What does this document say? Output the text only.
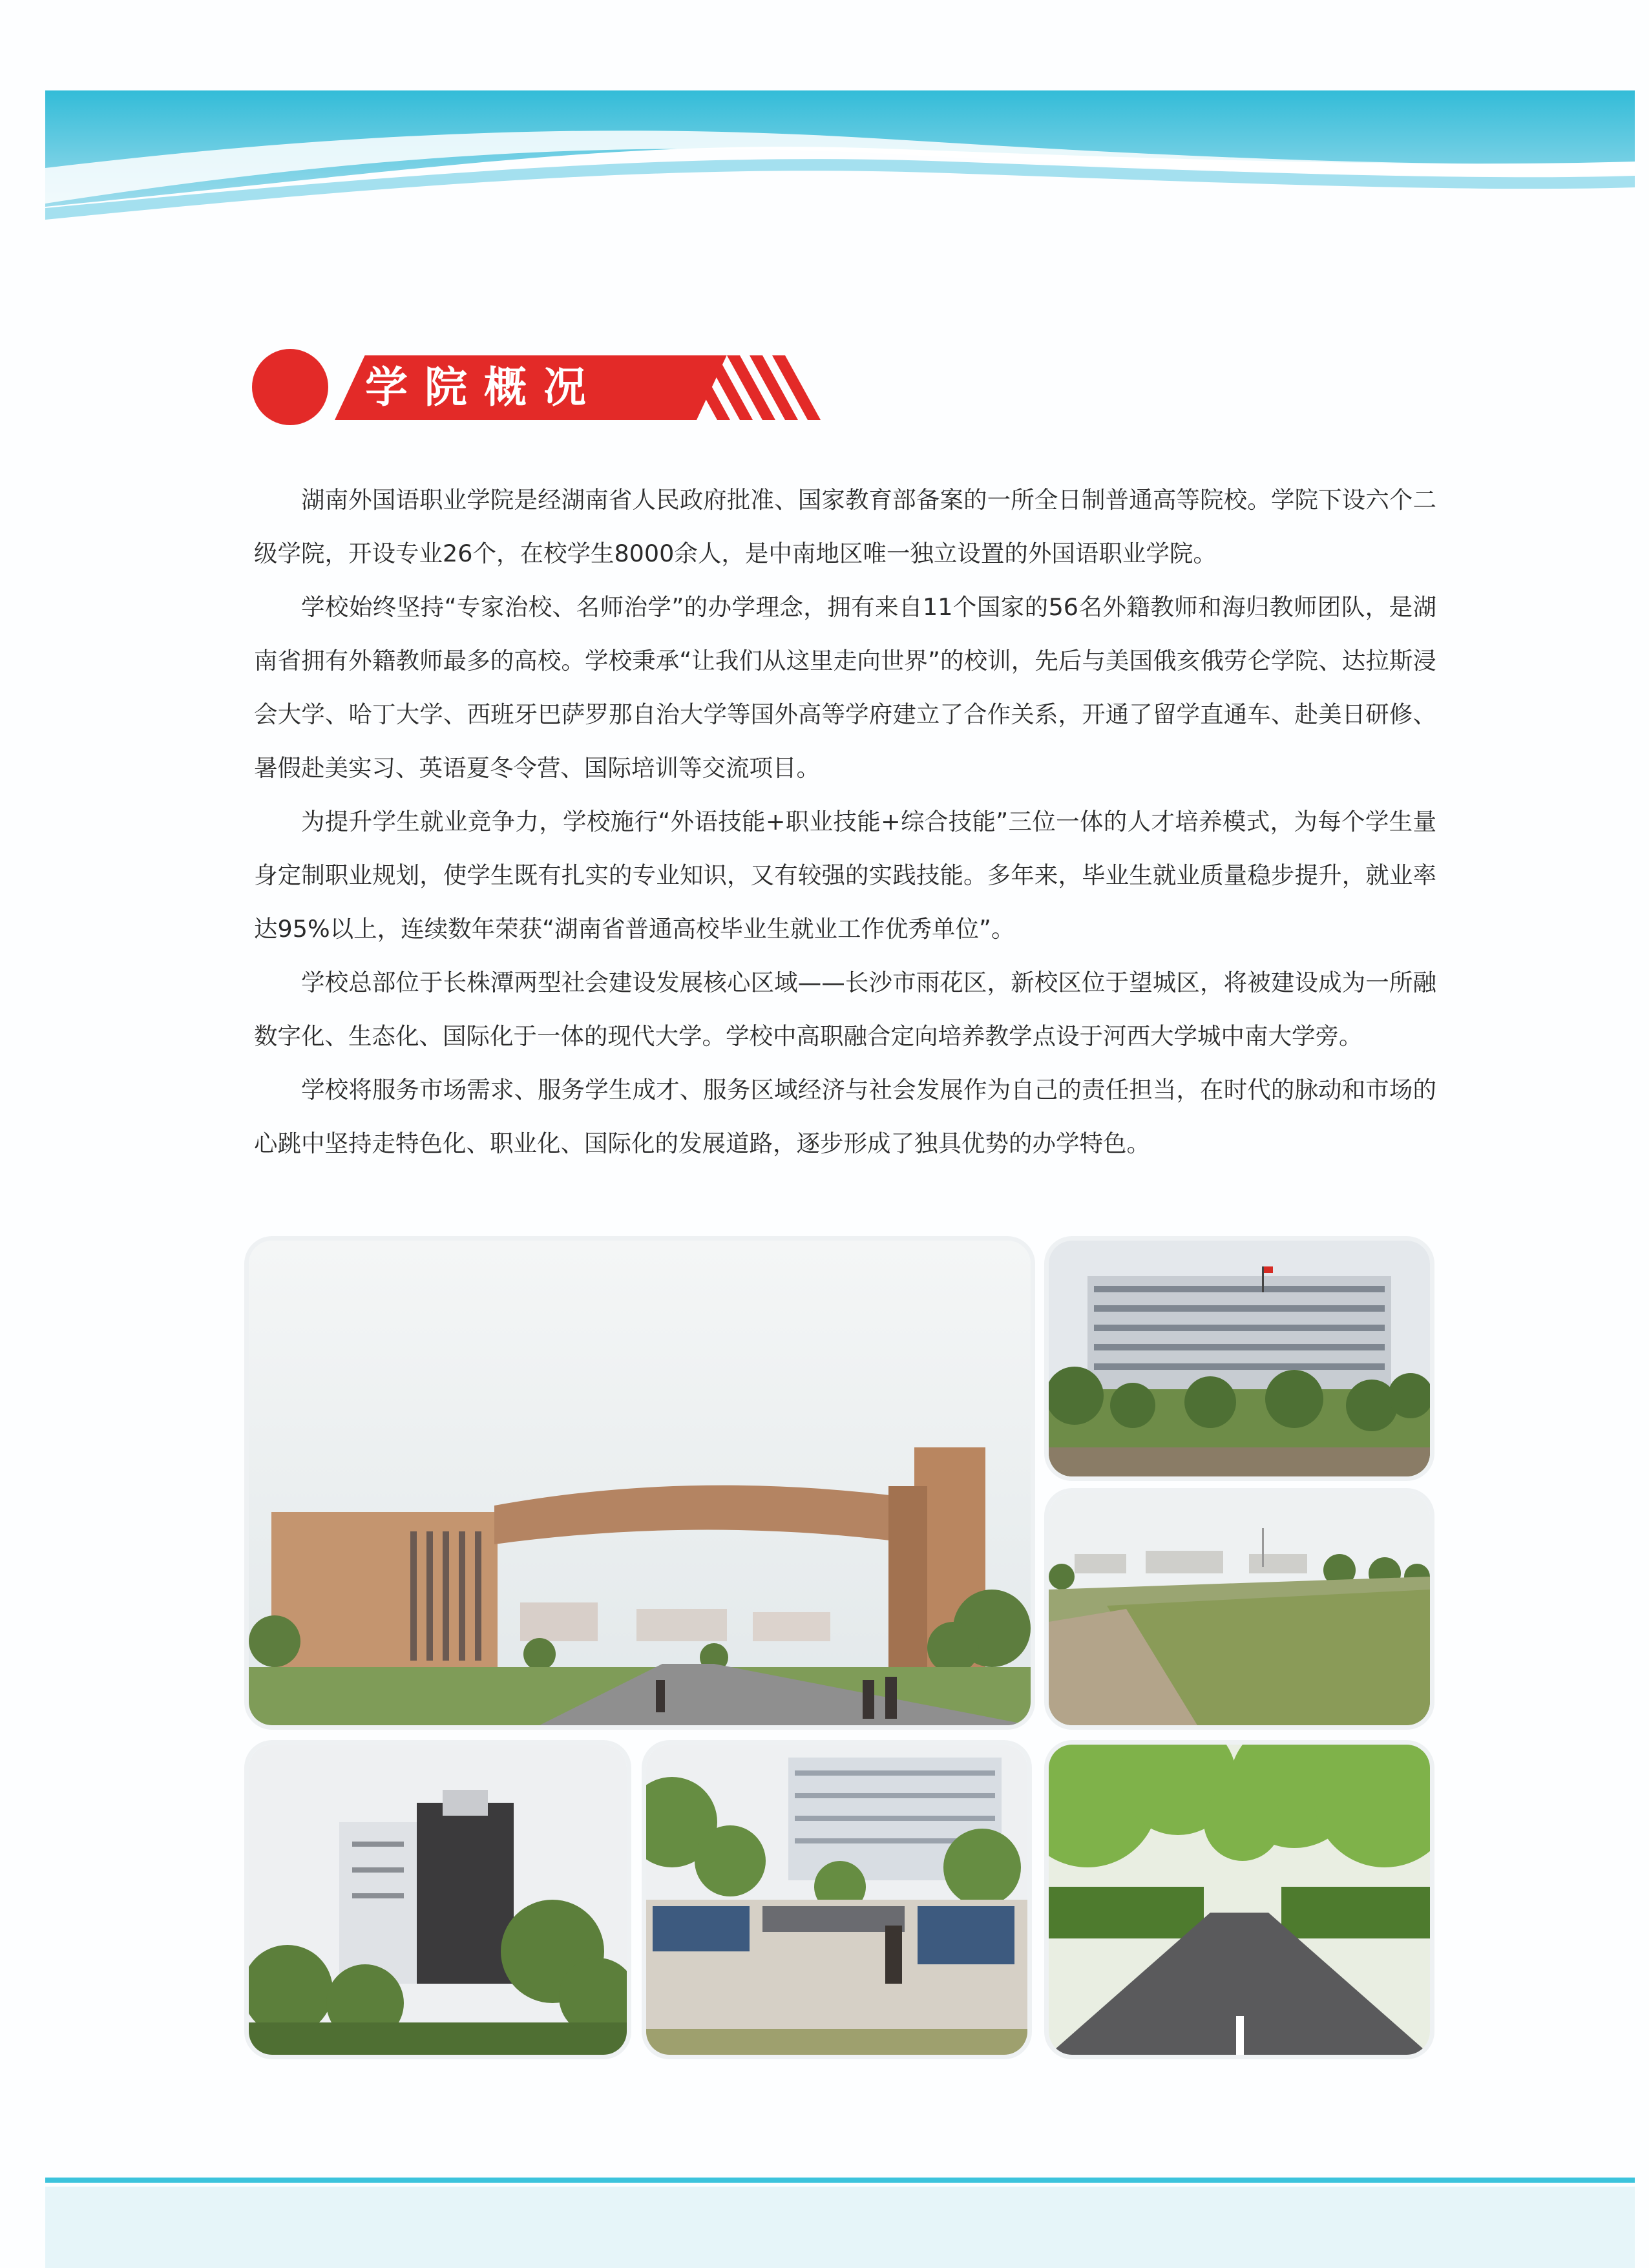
学院概况

湖南外国语职业学院是经湖南省人民政府批准、国家教育部备案的一所全日制普通高等院校。学院下设六个二级学院，开设专业26个，在校学生8000余人，是中南地区唯一独立设置的外国语职业学院。

学校始终坚持“专家治校、名师治学”的办学理念，拥有来自11个国家的56名外籍教师和海归教师团队，是湖南省拥有外籍教师最多的高校。学校秉承“让我们从这里走向世界”的校训，先后与美国俄亥俄劳仑学院、达拉斯浸会大学、哈丁大学、西班牙巴萨罗那自治大学等国外高等学府建立了合作关系，开通了留学直通车、赴美日研修、暑假赴美实习、英语夏冬令营、国际培训等交流项目。

为提升学生就业竞争力，学校施行“外语技能+职业技能+综合技能”三位一体的人才培养模式，为每个学生量身定制职业规划，使学生既有扎实的专业知识，又有较强的实践技能。多年来，毕业生就业质量稳步提升，就业率达95%以上，连续数年荣获“湖南省普通高校毕业生就业工作优秀单位”。

学校总部位于长株潭两型社会建设发展核心区域——长沙市雨花区，新校区位于望城区，将被建设成为一所融数字化、生态化、国际化于一体的现代大学。学校中高职融合定向培养教学点设于河西大学城中南大学旁。

学校将服务市场需求、服务学生成才、服务区域经济与社会发展作为自己的责任担当，在时代的脉动和市场的心跳中坚持走特色化、职业化、国际化的发展道路，逐步形成了独具优势的办学特色。
